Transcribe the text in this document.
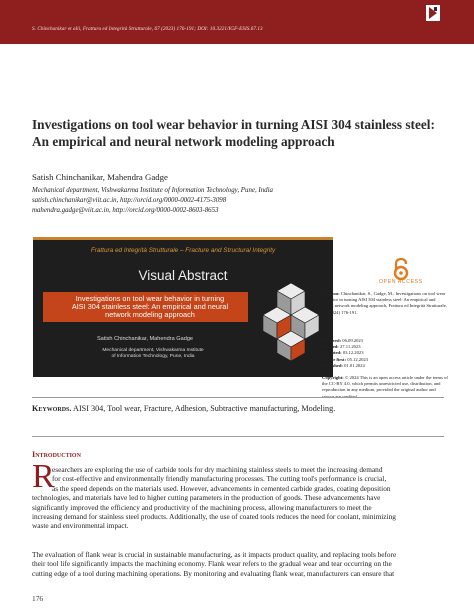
S. Chinchanikar et alii, Frattura ed Integrità Strutturale, 67 (2023) 176-191; DOI: 10.3221/IGF-ESIS.67.13
Investigations on tool wear behavior in turning AISI 304 stainless steel: An empirical and neural network modeling approach
Satish Chinchanikar, Mahendra Gadge
Mechanical department, Vishwakarma Institute of Information Technology, Pune, India
satish.chinchanikar@viit.ac.in, http://orcid.org/0000-0002-4175-3098
mahendra.gadge@viit.ac.in, http://orcid.org/0000-0002-8603-8653
Frattura ed Integrità Strutturale – Fracture and Structural Integrity
Visual Abstract

Investigations on tool wear behavior in turning
AISI 304 stainless steel: An empirical and neural
network modeling approach

Satish Chinchanikar, Mahendra Gadge
Mechanical department, Vishwakarma Institute
of Information Technology, Pune, India
OPEN ACCESS
Citation: Chinchanikar, S., Gadge, M., Investigations on tool wear behavior in turning AISI 304 stainless steel: An empirical and neural network modeling approach, Frattura ed Integrità Strutturale, 67 (2024) 176-191.
Received: 06.09.2023
Revised: 27.11.2023
Accepted: 03.12.2023
Online first: 05.12.2023
Published: 01.01.2024
Copyright: © 2024 This is an open access article under the terms of the CC-BY 4.0, which permits unrestricted use, distribution, and reproduction in any medium, provided the original author and
Keywords. AISI 304, Tool wear, Fracture, Adhesion, Subtractive manufacturing, Modeling.
Introduction
R
esearchers are exploring the use of carbide tools for dry machining stainless steels to meet the increasing demand
for cost-effective and environmentally friendly manufacturing processes. The cutting tool's performance is crucial,
as the speed depends on the materials used. However, advancements in cemented carbide grades, coating deposition
technologies, and materials have led to higher cutting parameters in the production of goods. These advancements have
significantly improved the efficiency and productivity of the machining process, allowing manufacturers to meet the
increasing demand for stainless steel products. Additionally, the use of coated tools reduces the need for coolant, minimizing
waste and environmental impact.
The evaluation of flank wear is crucial in sustainable manufacturing, as it impacts product quality, and replacing tools before
their tool life significantly impacts the machining economy. Flank wear refers to the gradual wear and tear occurring on the
cutting edge of a tool during machining operations. By monitoring and evaluating flank wear, manufacturers can ensure that
176
